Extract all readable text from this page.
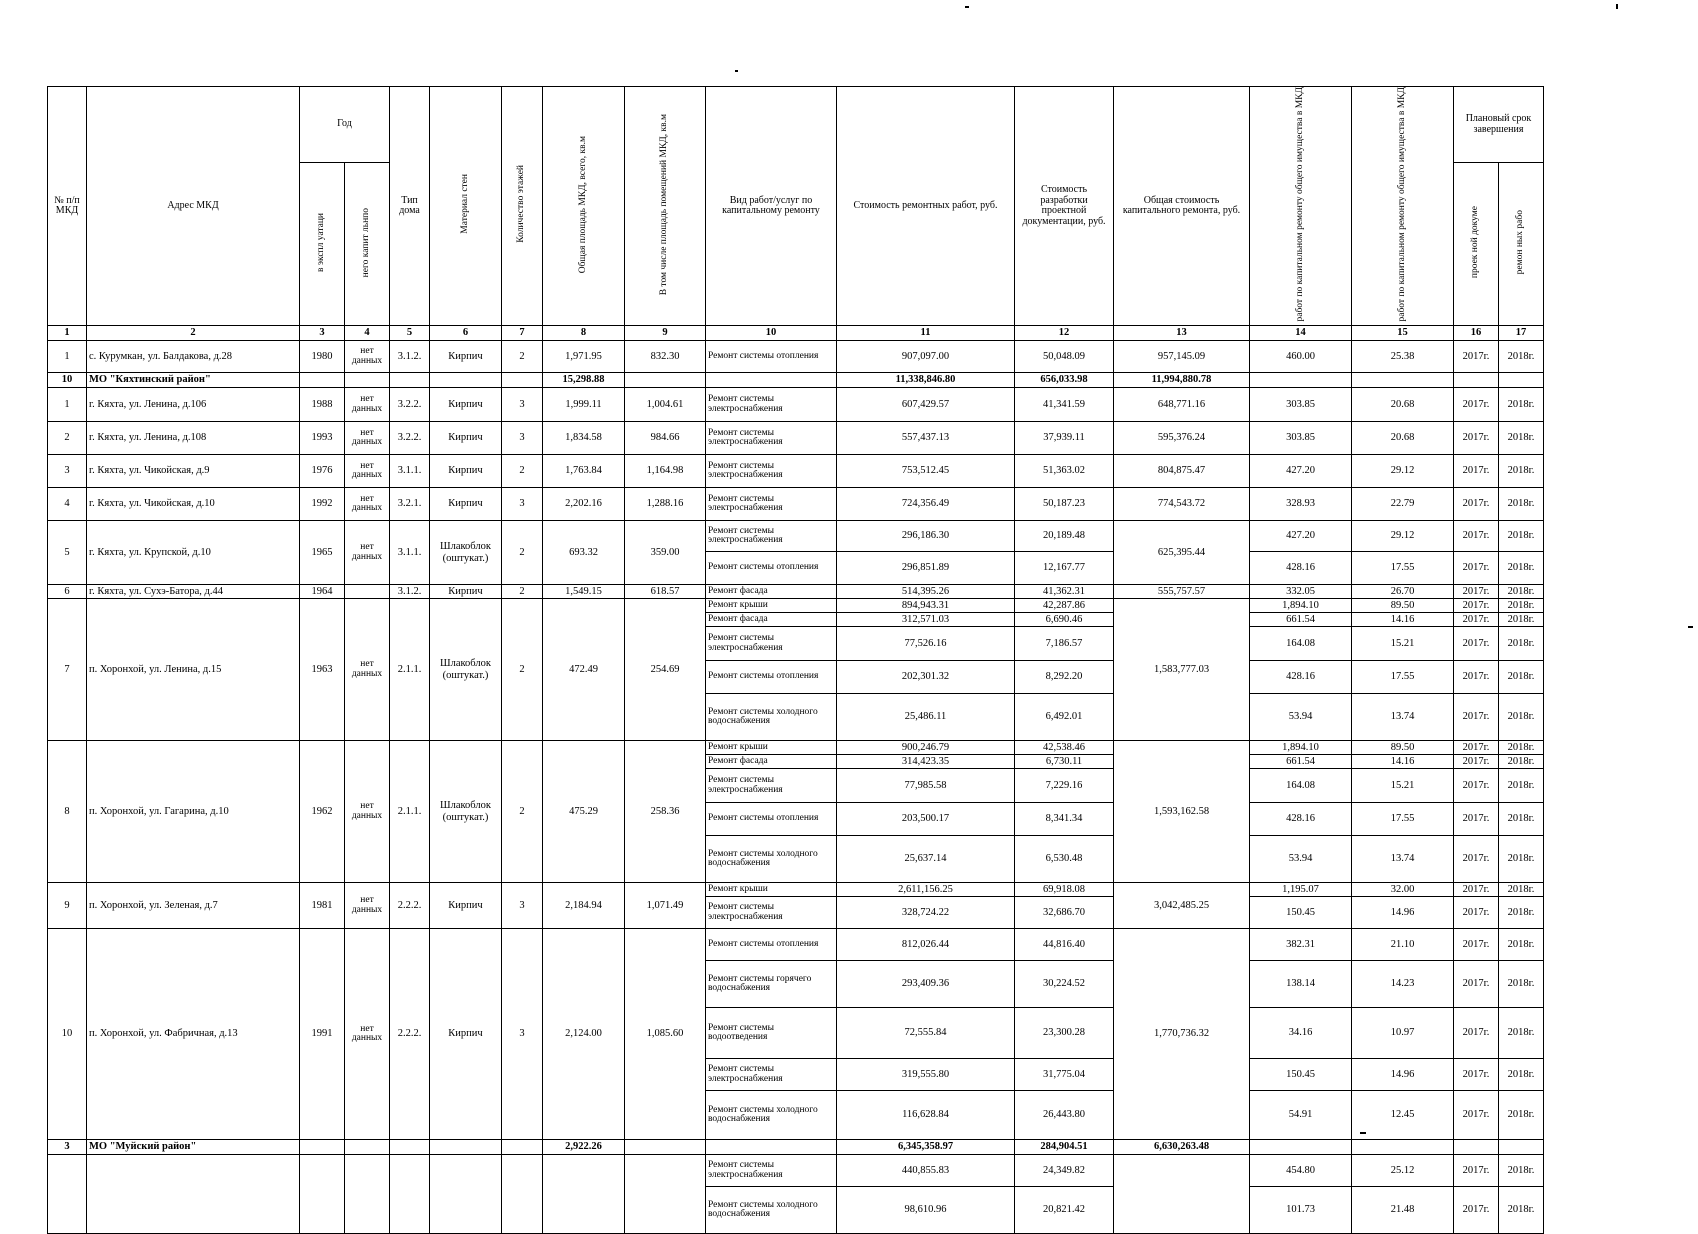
№ п/п МКД	Адрес МКД	Год		Тип дома	Материал стен	Количество этажей	Общая площадь МКД, всего, кв.м	В том числе площадь помещений МКД, кв.м	Вид работ/услуг по капитальному ремонту	Стоимость ремонтных работ, руб.	Стоимость разработки проектной документации, руб.	Общая стоимость капитального ремонта, руб.	работ по капитальном ремонту общего имущества в МКД	работ по капитальном ремонту общего имущества в МКД	Плановый срок завершения	
		в экспл уатаци	него капит льнпо												проек ной докуме	ремон ных рабо
1	2	3	4	5	6	7	8	9	10	11	12	13	14	15	16	17
1	с. Курумкан, ул. Балдакова, д.28	1980	нет данных	3.1.2.	Кирпич	2	1,971.95	832.30	Ремонт системы отопления	907,097.00	50,048.09	957,145.09	460.00	25.38	2017г.	2018г.
10	МО "Кяхтинский район"						15,298.88			11,338,846.80	656,033.98	11,994,880.78				
1	г. Кяхта, ул. Ленина, д.106	1988	нет данных	3.2.2.	Кирпич	3	1,999.11	1,004.61	Ремонт системы электроснабжения	607,429.57	41,341.59	648,771.16	303.85	20.68	2017г.	2018г.
2	г. Кяхта, ул. Ленина, д.108	1993	нет данных	3.2.2.	Кирпич	3	1,834.58	984.66	Ремонт системы электроснабжения	557,437.13	37,939.11	595,376.24	303.85	20.68	2017г.	2018г.
3	г. Кяхта, ул. Чикойская, д.9	1976	нет данных	3.1.1.	Кирпич	2	1,763.84	1,164.98	Ремонт системы электроснабжения	753,512.45	51,363.02	804,875.47	427.20	29.12	2017г.	2018г.
4	г. Кяхта, ул. Чикойская, д.10	1992	нет данных	3.2.1.	Кирпич	3	2,202.16	1,288.16	Ремонт системы электроснабжения	724,356.49	50,187.23	774,543.72	328.93	22.79	2017г.	2018г.
5	г. Кяхта, ул. Крупской, д.10	1965	нет данных	3.1.1.	Шлакоблок (оштукат.)	2	693.32	359.00	Ремонт системы электроснабжения	296,186.30	20,189.48	625,395.44	427.20	29.12	2017г.	2018г.
									Ремонт системы отопления	296,851.89	12,167.77		428.16	17.55	2017г.	2018г.
6	г. Кяхта, ул. Сухэ-Батора, д.44	1964		3.1.2.	Кирпич	2	1,549.15	618.57	Ремонт фасада	514,395.26	41,362.31	555,757.57	332.05	26.70	2017г.	2018г.
7	п. Хоронхой, ул. Ленина, д.15	1963	нет данных	2.1.1.	Шлакоблок (оштукат.)	2	472.49	254.69	Ремонт крыши	894,943.31	42,287.86	1,583,777.03	1,894.10	89.50	2017г.	2018г.
									Ремонт фасада	312,571.03	6,690.46		661.54	14.16	2017г.	2018г.
									Ремонт системы электроснабжения	77,526.16	7,186.57		164.08	15.21	2017г.	2018г.
									Ремонт системы отопления	202,301.32	8,292.20		428.16	17.55	2017г.	2018г.
									Ремонт системы холодного водоснабжения	25,486.11	6,492.01		53.94	13.74	2017г.	2018г.
8	п. Хоронхой, ул. Гагарина, д.10	1962	нет данных	2.1.1.	Шлакоблок (оштукат.)	2	475.29	258.36	Ремонт крыши	900,246.79	42,538.46	1,593,162.58	1,894.10	89.50	2017г.	2018г.
									Ремонт фасада	314,423.35	6,730.11		661.54	14.16	2017г.	2018г.
									Ремонт системы электроснабжения	77,985.58	7,229.16		164.08	15.21	2017г.	2018г.
									Ремонт системы отопления	203,500.17	8,341.34		428.16	17.55	2017г.	2018г.
									Ремонт системы холодного водоснабжения	25,637.14	6,530.48		53.94	13.74	2017г.	2018г.
9	п. Хоронхой, ул. Зеленая, д.7	1981	нет данных	2.2.2.	Кирпич	3	2,184.94	1,071.49	Ремонт крыши	2,611,156.25	69,918.08	3,042,485.25	1,195.07	32.00	2017г.	2018г.
									Ремонт системы электроснабжения	328,724.22	32,686.70		150.45	14.96	2017г.	2018г.
10	п. Хоронхой, ул. Фабричная, д.13	1991	нет данных	2.2.2.	Кирпич	3	2,124.00	1,085.60	Ремонт системы отопления	812,026.44	44,816.40	1,770,736.32	382.31	21.10	2017г.	2018г.
									Ремонт системы горячего водоснабжения	293,409.36	30,224.52		138.14	14.23	2017г.	2018г.
									Ремонт системы водоотведения	72,555.84	23,300.28		34.16	10.97	2017г.	2018г.
									Ремонт системы электроснабжения	319,555.80	31,775.04		150.45	14.96	2017г.	2018г.
									Ремонт системы холодного водоснабжения	116,628.84	26,443.80		54.91	12.45	2017г.	2018г.
3	МО "Муйский район"						2,922.26			6,345,358.97	284,904.51	6,630,263.48				
									Ремонт системы электроснабжения	440,855.83	24,349.82		454.80	25.12	2017г.	2018г.
									Ремонт системы холодного водоснабжения	98,610.96	20,821.42		101.73	21.48	2017г.	2018г.
